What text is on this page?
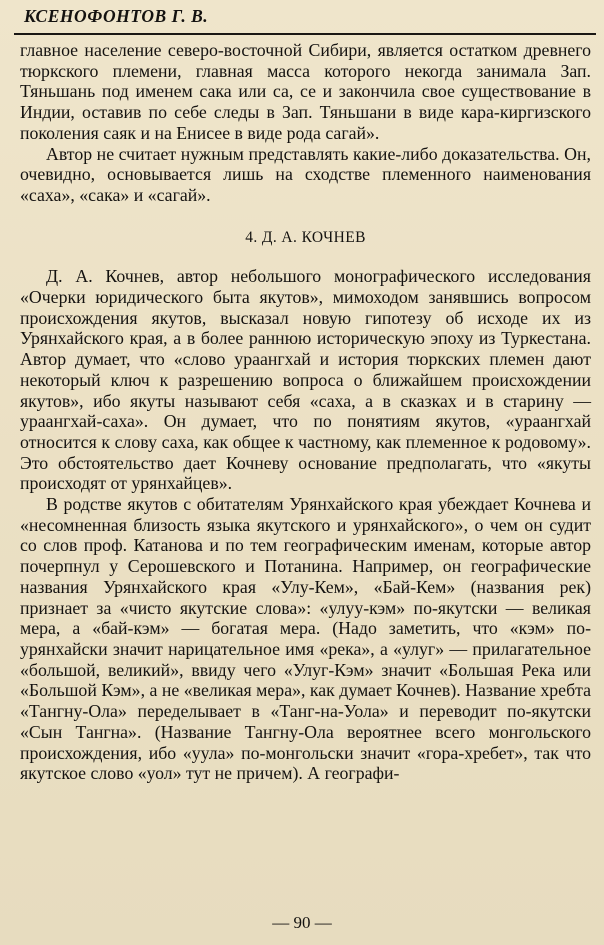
КСЕНОФОНТОВ Г. В.

главное население северо-восточной Сибири, является остатком древнего тюркского племени, главная масса которого некогда занимала Зап. Тяньшань под именем сака или са, се и закончила свое существование в Индии, оставив по себе следы в Зап. Тяньшани в виде кара-киргизского поколения саяк и на Енисее в виде рода сагай».

Автор не считает нужным представлять какие-либо доказательства. Он, очевидно, основывается лишь на сходстве племенного наименования «саха», «сака» и «сагай».

4. Д. А. КОЧНЕВ

Д. А. Кочнев, автор небольшого монографического исследования «Очерки юридического быта якутов», мимоходом занявшись вопросом происхождения якутов, высказал новую гипотезу об исходе их из Урянхайского края, а в более раннюю историческую эпоху из Туркестана. Автор думает, что «слово ураангхай и история тюркских племен дают некоторый ключ к разрешению вопроса о ближайшем происхождении якутов», ибо якуты называют себя «саха, а в сказках и в старину — ураангхай-саха». Он думает, что по понятиям якутов, «ураангхай относится к слову саха, как общее к частному, как племенное к родовому». Это обстоятельство дает Кочневу основание предполагать, что «якуты происходят от урянхайцев».

В родстве якутов с обитателям Урянхайского края убеждает Кочнева и «несомненная близость языка якутского и урянхайского», о чем он судит со слов проф. Катанова и по тем географическим именам, которые автор почерпнул у Серошевского и Потанина. Например, он географические названия Урянхайского края «Улу-Кем», «Бай-Кем» (названия рек) признает за «чисто якутские слова»: «улуу-кэм» по-якутски — великая мера, а «бай-кэм» — богатая мера. (Надо заметить, что «кэм» по-урянхайски значит нарицательное имя «река», а «улуг» — прилагательное «большой, великий», ввиду чего «Улуг-Кэм» значит «Большая Река или «Большой Кэм», а не «великая мера», как думает Кочнев). Название хребта «Тангну-Ола» переделывает в «Танг-на-Уола» и переводит по-якутски «Сын Тангна». (Название Тангну-Ола вероятнее всего монгольского происхождения, ибо «уула» по-монгольски значит «гора-хребет», так что якутское слово «уол» тут не причем). А географи-

— 90 —
